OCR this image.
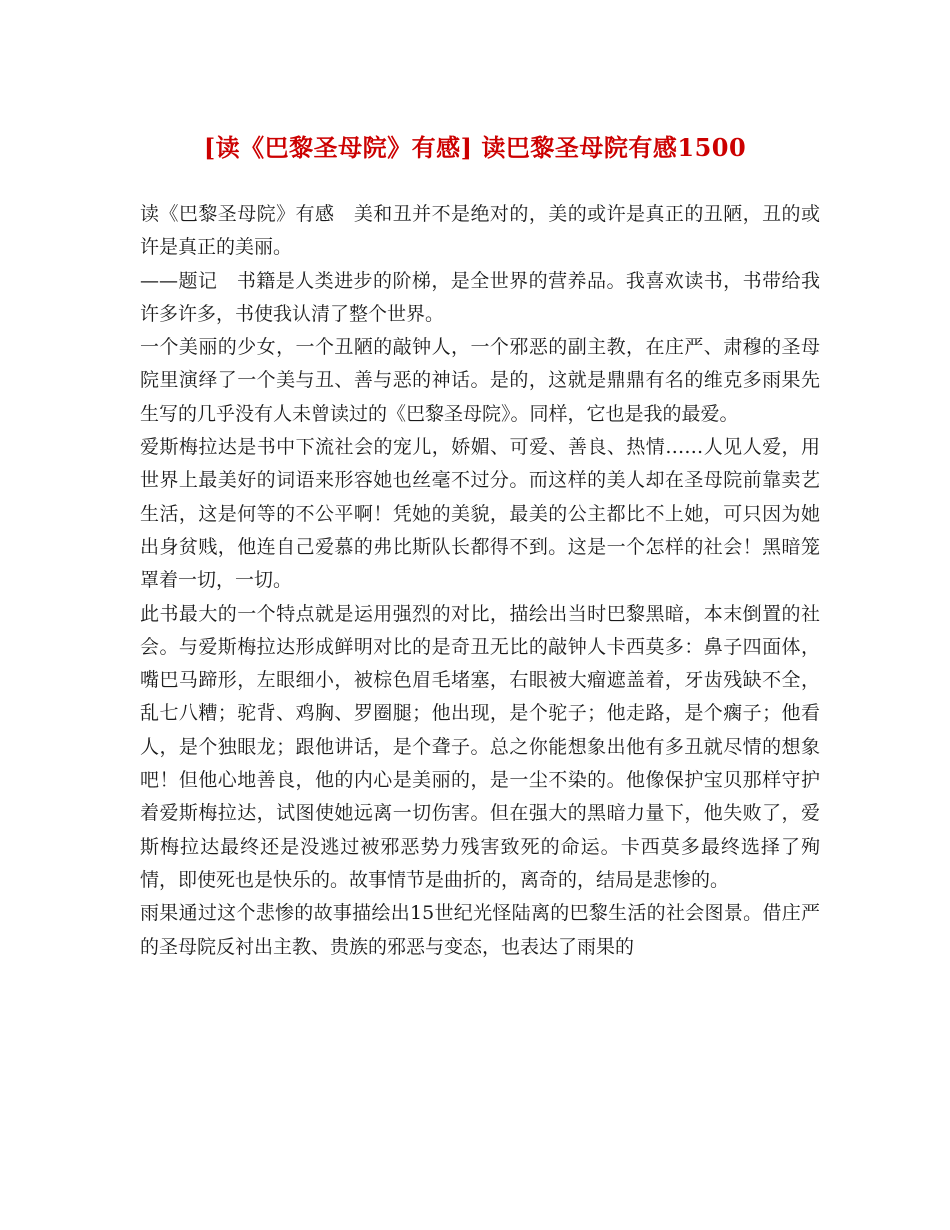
[读《巴黎圣母院》有感] 读巴黎圣母院有感1500

读《巴黎圣母院》有感　美和丑并不是绝对的，美的或许是真正的丑陋，丑的或许是真正的美丽。

——题记　书籍是人类进步的阶梯，是全世界的营养品。我喜欢读书，书带给我许多许多，书使我认清了整个世界。

一个美丽的少女，一个丑陋的敲钟人，一个邪恶的副主教，在庄严、肃穆的圣母院里演绎了一个美与丑、善与恶的神话。是的，这就是鼎鼎有名的维克多雨果先生写的几乎没有人未曾读过的《巴黎圣母院》。同样，它也是我的最爱。

爱斯梅拉达是书中下流社会的宠儿，娇媚、可爱、善良、热情……人见人爱，用世界上最美好的词语来形容她也丝毫不过分。而这样的美人却在圣母院前靠卖艺生活，这是何等的不公平啊！凭她的美貌，最美的公主都比不上她，可只因为她出身贫贱，他连自己爱慕的弗比斯队长都得不到。这是一个怎样的社会！黑暗笼罩着一切，一切。

此书最大的一个特点就是运用强烈的对比，描绘出当时巴黎黑暗，本末倒置的社会。与爱斯梅拉达形成鲜明对比的是奇丑无比的敲钟人卡西莫多：鼻子四面体，嘴巴马蹄形，左眼细小，被棕色眉毛堵塞，右眼被大瘤遮盖着，牙齿残缺不全，乱七八糟；驼背、鸡胸、罗圈腿；他出现，是个驼子；他走路，是个瘸子；他看人，是个独眼龙；跟他讲话，是个聋子。总之你能想象出他有多丑就尽情的想象吧！但他心地善良，他的内心是美丽的，是一尘不染的。他像保护宝贝那样守护着爱斯梅拉达，试图使她远离一切伤害。但在强大的黑暗力量下，他失败了，爱斯梅拉达最终还是没逃过被邪恶势力残害致死的命运。卡西莫多最终选择了殉情，即使死也是快乐的。故事情节是曲折的，离奇的，结局是悲惨的。

雨果通过这个悲惨的故事描绘出15世纪光怪陆离的巴黎生活的社会图景。借庄严的圣母院反衬出主教、贵族的邪恶与变态，也表达了雨果的
